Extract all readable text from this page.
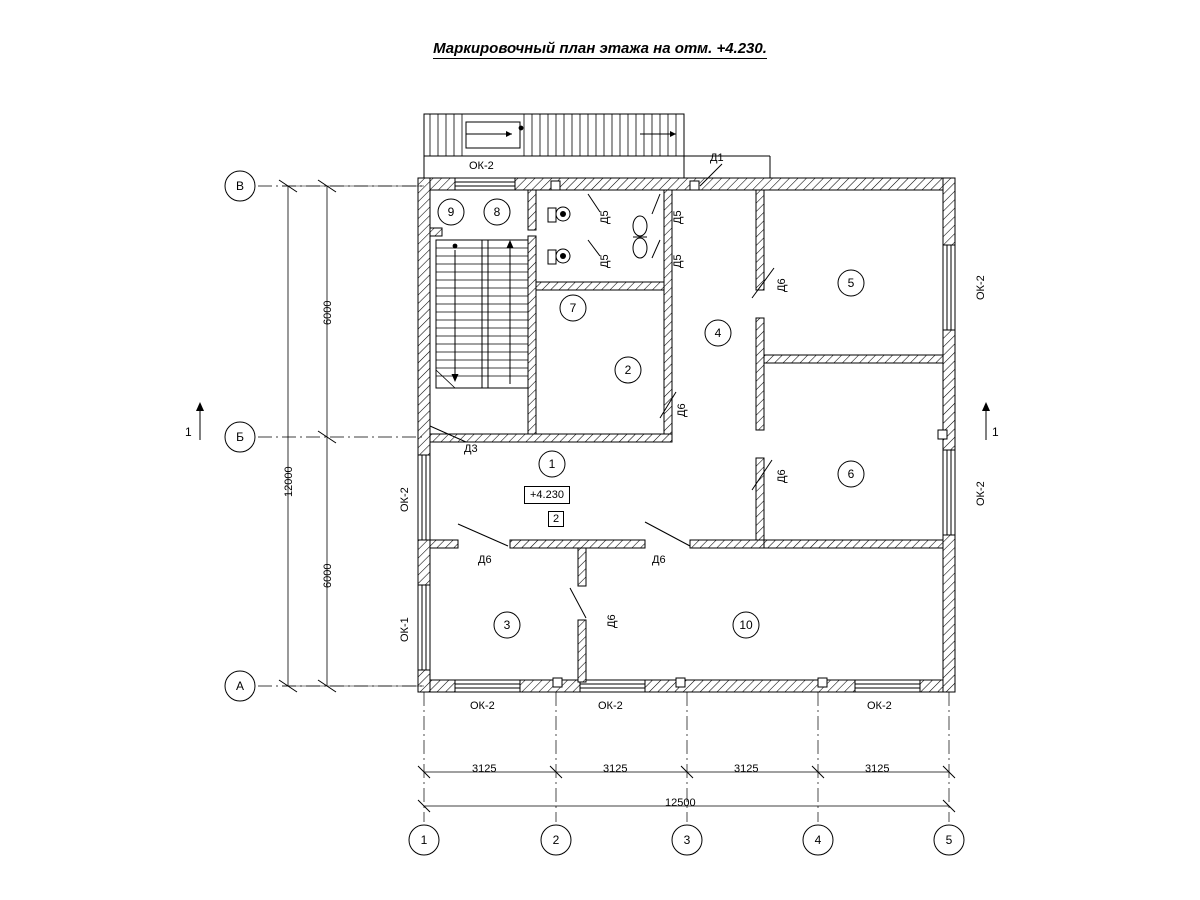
Маркировочный план этажа на отм. +4.230.
В
Б
А
1	2	3	4	5
1
2
3
4
5
6
7
8
9
10
ОК-2
ОК-2
ОК-2
ОК-2
ОК-1
ОК-2	ОК-2	ОК-2
Д1
Д5	Д5
Д5	Д5
Д6
Д6
Д6
Д3
Д6	Д6
Д6
6000
6000
12000
3125	3125	3125	3125
12500
+4.230
2
1	1
